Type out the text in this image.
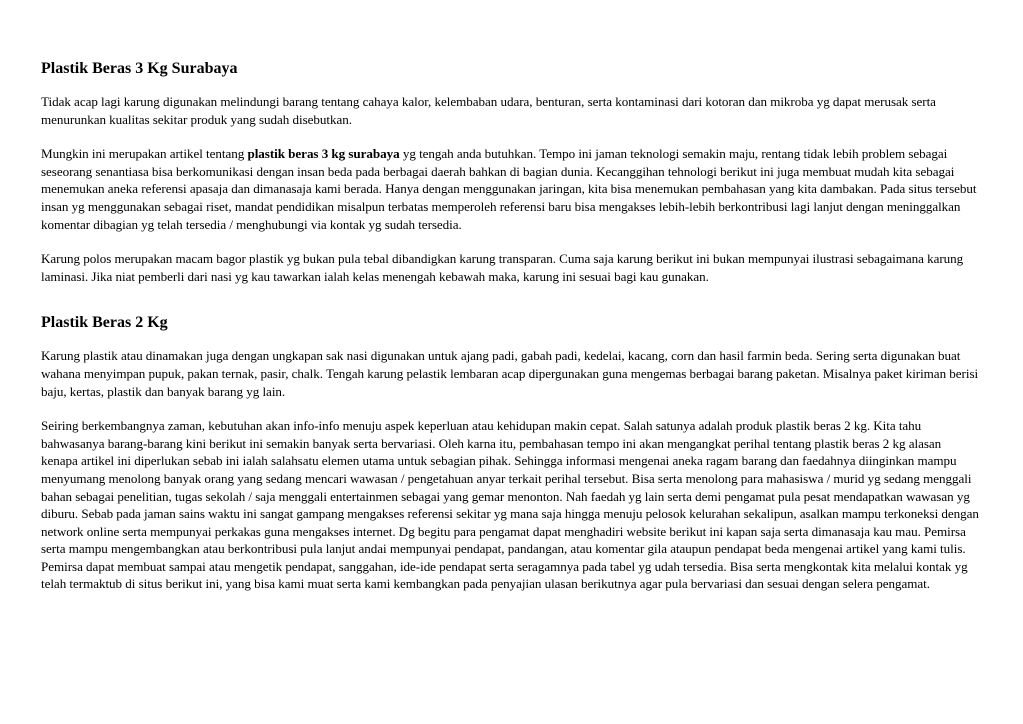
Plastik Beras 3 Kg Surabaya

Tidak acap lagi karung digunakan melindungi barang tentang cahaya kalor, kelembaban udara, benturan, serta kontaminasi dari kotoran dan mikroba yg dapat merusak serta menurunkan kualitas sekitar produk yang sudah disebutkan.

Mungkin ini merupakan artikel tentang plastik beras 3 kg surabaya yg tengah anda butuhkan. Tempo ini jaman teknologi semakin maju, rentang tidak lebih problem sebagai seseorang senantiasa bisa berkomunikasi dengan insan beda pada berbagai daerah bahkan di bagian dunia. Kecanggihan tehnologi berikut ini juga membuat mudah kita sebagai menemukan aneka referensi apasaja dan dimanasaja kami berada. Hanya dengan menggunakan jaringan, kita bisa menemukan pembahasan yang kita dambakan. Pada situs tersebut insan yg menggunakan sebagai riset, mandat pendidikan misalpun terbatas memperoleh referensi baru bisa mengakses lebih-lebih berkontribusi lagi lanjut dengan meninggalkan komentar dibagian yg telah tersedia / menghubungi via kontak yg sudah tersedia.

Karung polos merupakan macam bagor plastik yg bukan pula tebal dibandigkan karung transparan. Cuma saja karung berikut ini bukan mempunyai ilustrasi sebagaimana karung laminasi. Jika niat pemberli dari nasi yg kau tawarkan ialah kelas menengah kebawah maka, karung ini sesuai bagi kau gunakan.

Plastik Beras 2 Kg

Karung plastik atau dinamakan juga dengan ungkapan sak nasi digunakan untuk ajang padi, gabah padi, kedelai, kacang, corn dan hasil farmin beda. Sering serta digunakan buat wahana menyimpan pupuk, pakan ternak, pasir, chalk. Tengah karung pelastik lembaran acap dipergunakan guna mengemas berbagai barang paketan. Misalnya paket kiriman berisi baju, kertas, plastik dan banyak barang yg lain.

Seiring berkembangnya zaman, kebutuhan akan info-info menuju aspek keperluan atau kehidupan makin cepat. Salah satunya adalah produk plastik beras 2 kg. Kita tahu bahwasanya barang-barang kini berikut ini semakin banyak serta bervariasi. Oleh karna itu, pembahasan tempo ini akan mengangkat perihal tentang plastik beras 2 kg alasan kenapa artikel ini diperlukan sebab ini ialah salahsatu elemen utama untuk sebagian pihak. Sehingga informasi mengenai aneka ragam barang dan faedahnya diinginkan mampu menyumang menolong banyak orang yang sedang mencari wawasan / pengetahuan anyar terkait perihal tersebut. Bisa serta menolong para mahasiswa / murid yg sedang menggali bahan sebagai penelitian, tugas sekolah / saja menggali entertainmen sebagai yang gemar menonton. Nah faedah yg lain serta demi pengamat pula pesat mendapatkan wawasan yg diburu. Sebab pada jaman sains waktu ini sangat gampang mengakses referensi sekitar yg mana saja hingga menuju pelosok kelurahan sekalipun, asalkan mampu terkoneksi dengan network online serta mempunyai perkakas guna mengakses internet. Dg begitu para pengamat dapat menghadiri website berikut ini kapan saja serta dimanasaja kau mau. Pemirsa serta mampu mengembangkan atau berkontribusi pula lanjut andai mempunyai pendapat, pandangan, atau komentar gila ataupun pendapat beda mengenai artikel yang kami tulis. Pemirsa dapat membuat sampai atau mengetik pendapat, sanggahan, ide-ide pendapat serta seragamnya pada tabel yg udah tersedia. Bisa serta mengkontak kita melalui kontak yg telah termaktub di situs berikut ini, yang bisa kami muat serta kami kembangkan pada penyajian ulasan berikutnya agar pula bervariasi dan sesuai dengan selera pengamat.
